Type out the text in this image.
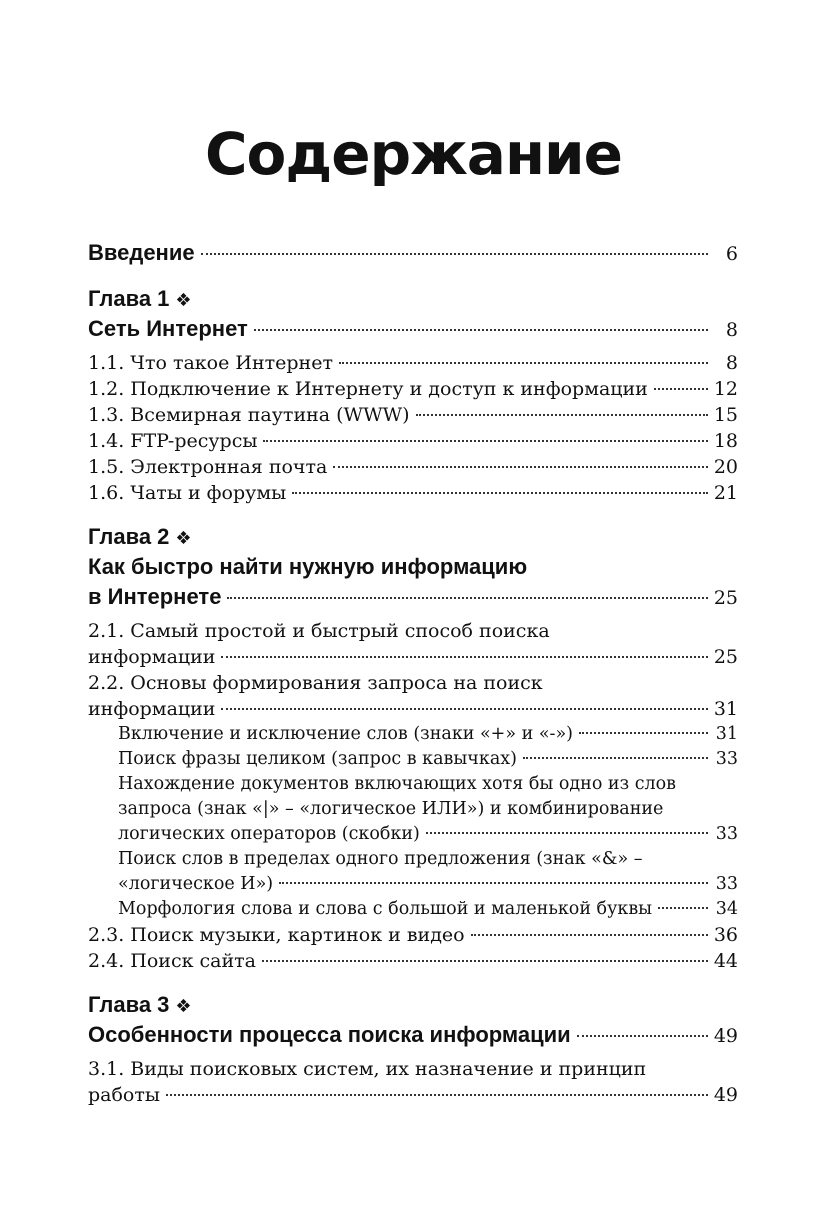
Содержание
Введение	6
Глава 1 ❖
Сеть Интернет	8
1.1. Что такое Интернет	8
1.2. Подключение к Интернету и доступ к информации	12
1.3. Всемирная паутина (WWW)	15
1.4. FTP-ресурсы	18
1.5. Электронная почта	20
1.6. Чаты и форумы	21
Глава 2 ❖
Как быстро найти нужную информацию
в Интернете	25
2.1. Самый простой и быстрый способ поиска
информации	25
2.2. Основы формирования запроса на поиск
информации	31
Включение и исключение слов (знаки «+» и «-»)	31
Поиск фразы целиком (запрос в кавычках)	33
Нахождение документов включающих хотя бы одно из слов
запроса (знак «|» – «логическое ИЛИ») и комбинирование
логических операторов (скобки)	33
Поиск слов в пределах одного предложения (знак «&» –
«логическое И»)	33
Морфология слова и слова с большой и маленькой буквы	34
2.3. Поиск музыки, картинок и видео	36
2.4. Поиск сайта	44
Глава 3 ❖
Особенности процесса поиска информации	49
3.1. Виды поисковых систем, их назначение и принцип
работы	49
